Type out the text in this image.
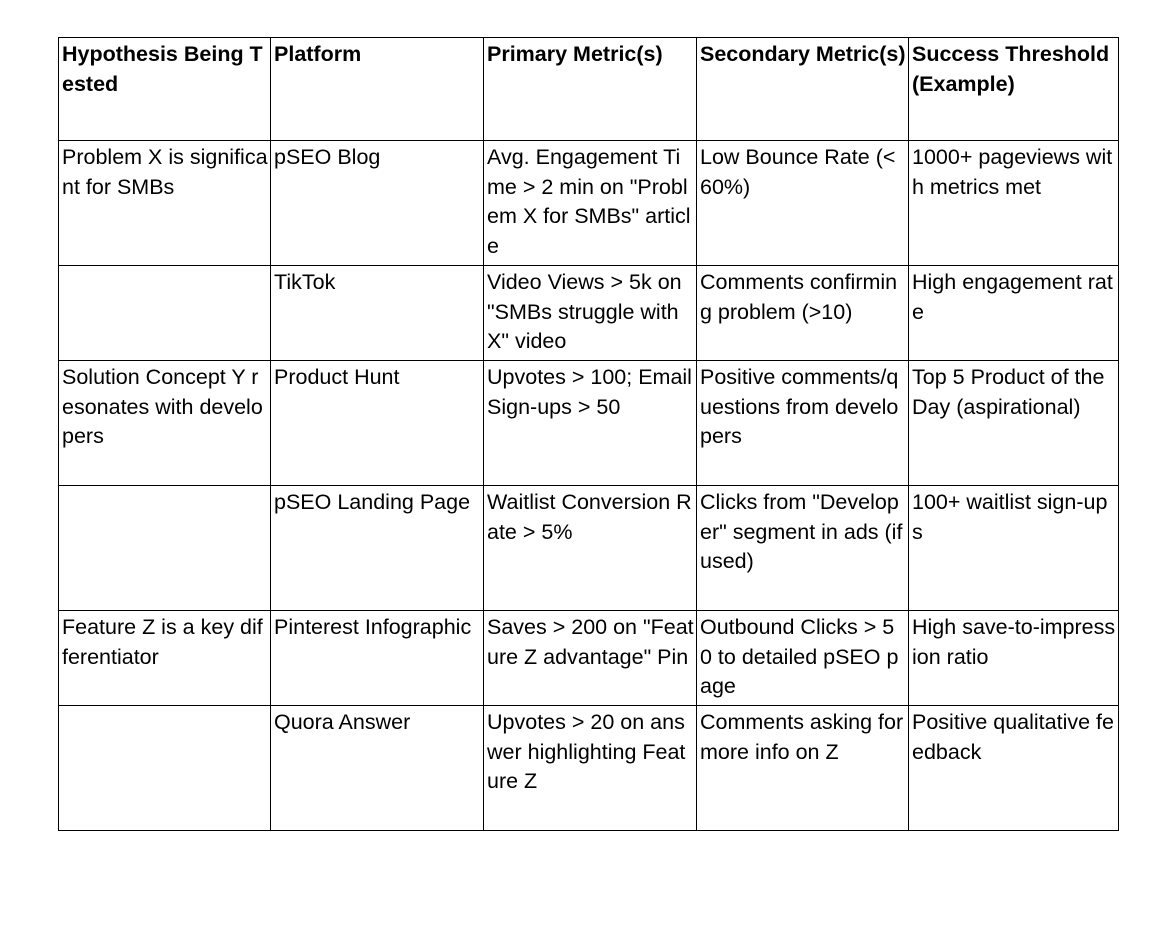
Hypothesis Being Tested	Platform	Primary Metric(s)	Secondary Metric(s)	Success Threshold (Example)
Problem X is significant for SMBs	pSEO Blog	Avg. Engagement Time > 2 min on "Problem X for SMBs" article	Low Bounce Rate (<60%)	1000+ pageviews with metrics met
	TikTok	Video Views > 5k on "SMBs struggle with X" video	Comments confirming problem (>10)	High engagement rate
Solution Concept Y resonates with developers	Product Hunt	Upvotes > 100; Email Sign-ups > 50	Positive comments/questions from developers	Top 5 Product of the Day (aspirational)
	pSEO Landing Page	Waitlist Conversion Rate > 5%	Clicks from "Developer" segment in ads (if used)	100+ waitlist sign-ups
Feature Z is a key differentiator	Pinterest Infographic	Saves > 200 on "Feature Z advantage" Pin	Outbound Clicks > 50 to detailed pSEO page	High save-to-impression ratio
	Quora Answer	Upvotes > 20 on answer highlighting Feature Z	Comments asking for more info on Z	Positive qualitative feedback
